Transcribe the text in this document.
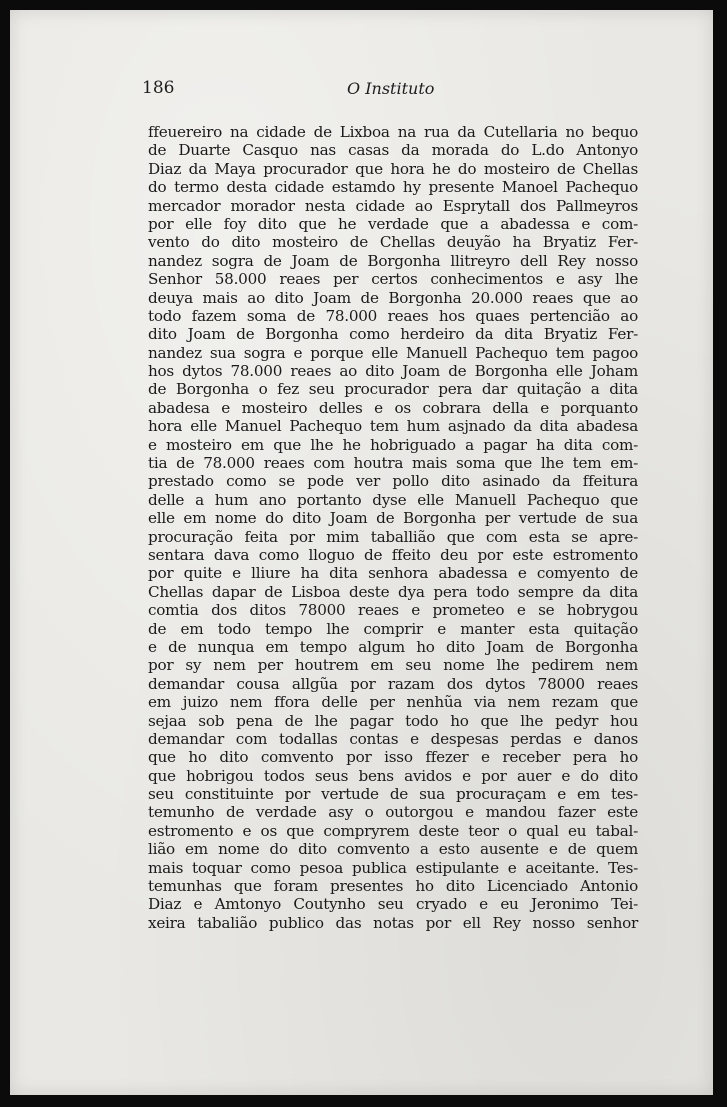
186	O Instituto
ffeuereiro na cidade de Lixboa na rua da Cutellaria no bequo
de Duarte Casquo nas casas da morada do L.do Antonyo
Diaz da Maya procurador que hora he do mosteiro de Chellas
do termo desta cidade estamdo hy presente Manoel Pachequo
mercador morador nesta cidade ao Esprytall dos Pallmeyros
por elle foy dito que he verdade que a abadessa e com-
vento do dito mosteiro de Chellas deuyão ha Bryatiz Fer-
nandez sogra de Joam de Borgonha llitreyro dell Rey nosso
Senhor 58.000 reaes per certos conhecimentos e asy lhe
deuya mais ao dito Joam de Borgonha 20.000 reaes que ao
todo fazem soma de 78.000 reaes hos quaes pertencião ao
dito Joam de Borgonha como herdeiro da dita Bryatiz Fer-
nandez sua sogra e porque elle Manuell Pachequo tem pagoo
hos dytos 78.000 reaes ao dito Joam de Borgonha elle Joham
de Borgonha o fez seu procurador pera dar quitação a dita
abadesa e mosteiro delles e os cobrara della e porquanto
hora elle Manuel Pachequo tem hum asjnado da dita abadesa
e mosteiro em que lhe he hobriguado a pagar ha dita com-
tia de 78.000 reaes com houtra mais soma que lhe tem em-
prestado como se pode ver pollo dito asinado da ffeitura
delle a hum ano portanto dyse elle Manuell Pachequo que
elle em nome do dito Joam de Borgonha per vertude de sua
procuração feita por mim taballião que com esta se apre-
sentara dava como lloguo de ffeito deu por este estromento
por quite e lliure ha dita senhora abadessa e comyento de
Chellas dapar de Lisboa deste dya pera todo sempre da dita
comtia dos ditos 78000 reaes e prometeo e se hobrygou
de em todo tempo lhe comprir e manter esta quitação
e de nunqua em tempo algum ho dito Joam de Borgonha
por sy nem per houtrem em seu nome lhe pedirem nem
demandar cousa allgũa por razam dos dytos 78000 reaes
em juizo nem ffora delle per nenhũa via nem rezam que
sejaa sob pena de lhe pagar todo ho que lhe pedyr hou
demandar com todallas contas e despesas perdas e danos
que ho dito comvento por isso ffezer e receber pera ho
que hobrigou todos seus bens avidos e por auer e do dito
seu constituinte por vertude de sua procuraçam e em tes-
temunho de verdade asy o outorgou e mandou fazer este
estromento e os que compryrem deste teor o qual eu tabal-
lião em nome do dito comvento a esto ausente e de quem
mais toquar como pesoa publica estipulante e aceitante. Tes-
temunhas que foram presentes ho dito Licenciado Antonio
Diaz e Amtonyo Coutynho seu cryado e eu Jeronimo Tei-
xeira tabalião publico das notas por ell Rey nosso senhor
